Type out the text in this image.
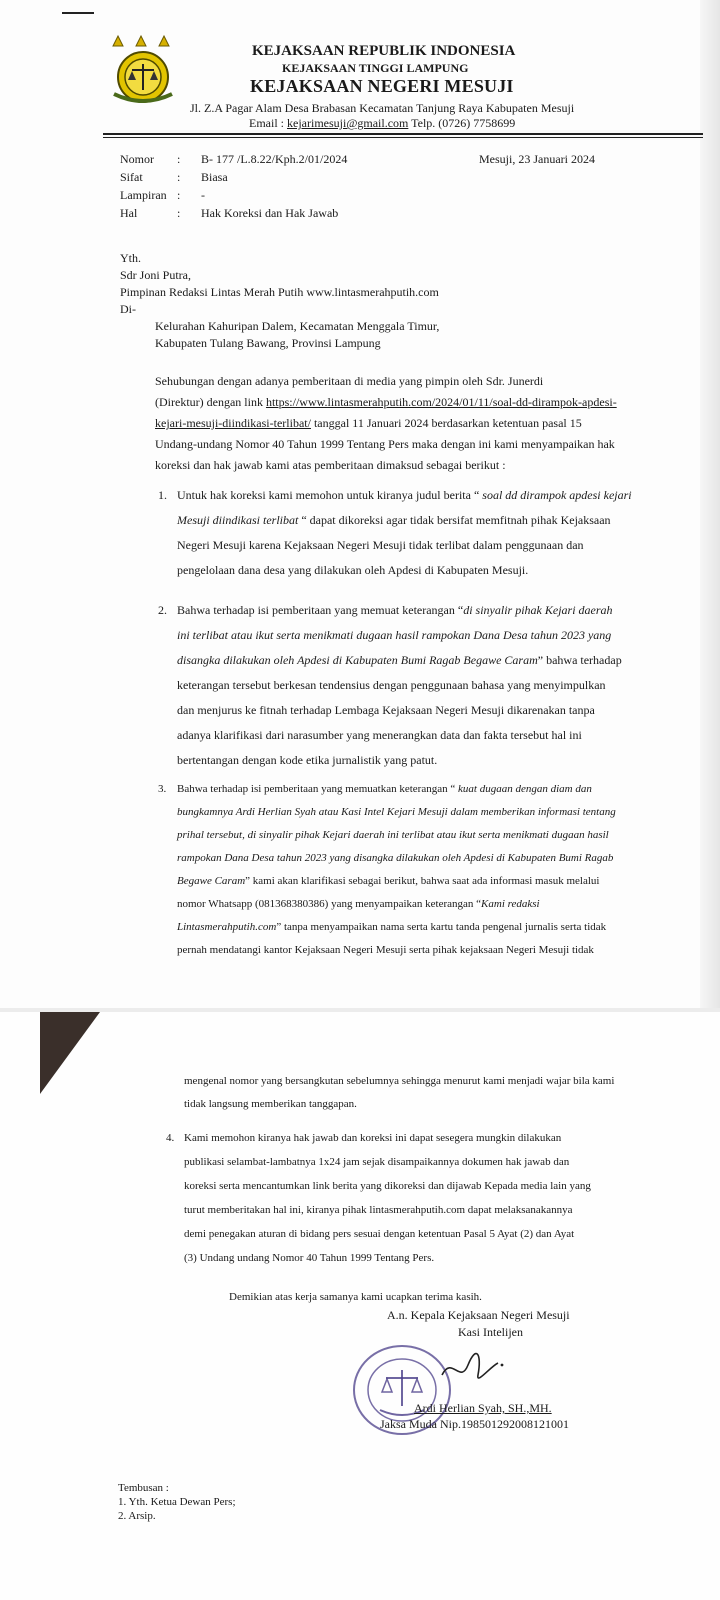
KEJAKSAAN REPUBLIK INDONESIA
KEJAKSAAN TINGGI LAMPUNG
KEJAKSAAN NEGERI MESUJI
Jl. Z.A Pagar Alam Desa Brabasan Kecamatan Tanjung Raya Kabupaten Mesuji
Email : kejarimesuji@gmail.com Telp. (0726) 7758699
Nomor
Sifat
Lampiran
Hal
:
:
:
:
B- 177 /L.8.22/Kph.2/01/2024
Biasa
-
Hak Koreksi dan Hak Jawab
Mesuji, 23 Januari 2024
Yth.
Sdr Joni Putra,
Pimpinan Redaksi Lintas Merah Putih www.lintasmerahputih.com
Di-
Kelurahan Kahuripan Dalem, Kecamatan Menggala Timur,
Kabupaten Tulang Bawang, Provinsi Lampung
Sehubungan dengan adanya pemberitaan di media yang pimpin oleh Sdr. Junerdi
(Direktur) dengan link https://www.lintasmerahputih.com/2024/01/11/soal-dd-dirampok-apdesi-
kejari-mesuji-diindikasi-terlibat/ tanggal 11 Januari 2024 berdasarkan ketentuan pasal 15
Undang-undang Nomor 40 Tahun 1999 Tentang Pers maka dengan ini kami menyampaikan hak
koreksi dan hak jawab kami atas pemberitaan dimaksud sebagai berikut :
1. Untuk hak koreksi kami memohon untuk kiranya judul berita “ soal dd dirampok apdesi kejari
Mesuji diindikasi terlibat “ dapat dikoreksi agar tidak bersifat memfitnah pihak Kejaksaan
Negeri Mesuji karena Kejaksaan Negeri Mesuji tidak terlibat dalam penggunaan dan
pengelolaan dana desa yang dilakukan oleh Apdesi di Kabupaten Mesuji.
2. Bahwa terhadap isi pemberitaan yang memuat keterangan “di sinyalir pihak Kejari daerah
ini terlibat atau ikut serta menikmati dugaan hasil rampokan Dana Desa tahun 2023 yang
disangka dilakukan oleh Apdesi di Kabupaten Bumi Ragab Begawe Caram” bahwa terhadap
keterangan tersebut berkesan tendensius dengan penggunaan bahasa yang menyimpulkan
dan menjurus ke fitnah terhadap Lembaga Kejaksaan Negeri Mesuji dikarenakan tanpa
adanya klarifikasi dari narasumber yang menerangkan data dan fakta tersebut hal ini
bertentangan dengan kode etika jurnalistik yang patut.
3. Bahwa terhadap isi pemberitaan yang memuatkan keterangan “ kuat dugaan dengan diam dan
bungkamnya Ardi Herlian Syah atau Kasi Intel Kejari Mesuji dalam memberikan informasi tentang
prihal tersebut, di sinyalir pihak Kejari daerah ini terlibat atau ikut serta menikmati dugaan hasil
rampokan Dana Desa tahun 2023 yang disangka dilakukan oleh Apdesi di Kabupaten Bumi Ragab
Begawe Caram” kami akan klarifikasi sebagai berikut, bahwa saat ada informasi masuk melalui
nomor Whatsapp (081368380386) yang menyampaikan keterangan “Kami redaksi
Lintasmerahputih.com” tanpa menyampaikan nama serta kartu tanda pengenal jurnalis serta tidak
pernah mendatangi kantor Kejaksaan Negeri Mesuji serta pihak kejaksaan Negeri Mesuji tidak
mengenal nomor yang bersangkutan sebelumnya sehingga menurut kami menjadi wajar bila kami
tidak langsung memberikan tanggapan.
4. Kami memohon kiranya hak jawab dan koreksi ini dapat sesegera mungkin dilakukan
publikasi selambat-lambatnya 1x24 jam sejak disampaikannya dokumen hak jawab dan
koreksi serta mencantumkan link berita yang dikoreksi dan dijawab Kepada media lain yang
turut memberitakan hal ini, kiranya pihak lintasmerahputih.com dapat melaksanakannya
demi penegakan aturan di bidang pers sesuai dengan ketentuan Pasal 5 Ayat (2) dan Ayat
(3) Undang undang Nomor 40 Tahun 1999 Tentang Pers.
Demikian atas kerja samanya kami ucapkan terima kasih.
A.n. Kepala Kejaksaan Negeri Mesuji
Kasi Intelijen
Ardi Herlian Syah, SH.,MH.
Jaksa Muda Nip.198501292008121001
Tembusan :
1. Yth. Ketua Dewan Pers;
2. Arsip.
